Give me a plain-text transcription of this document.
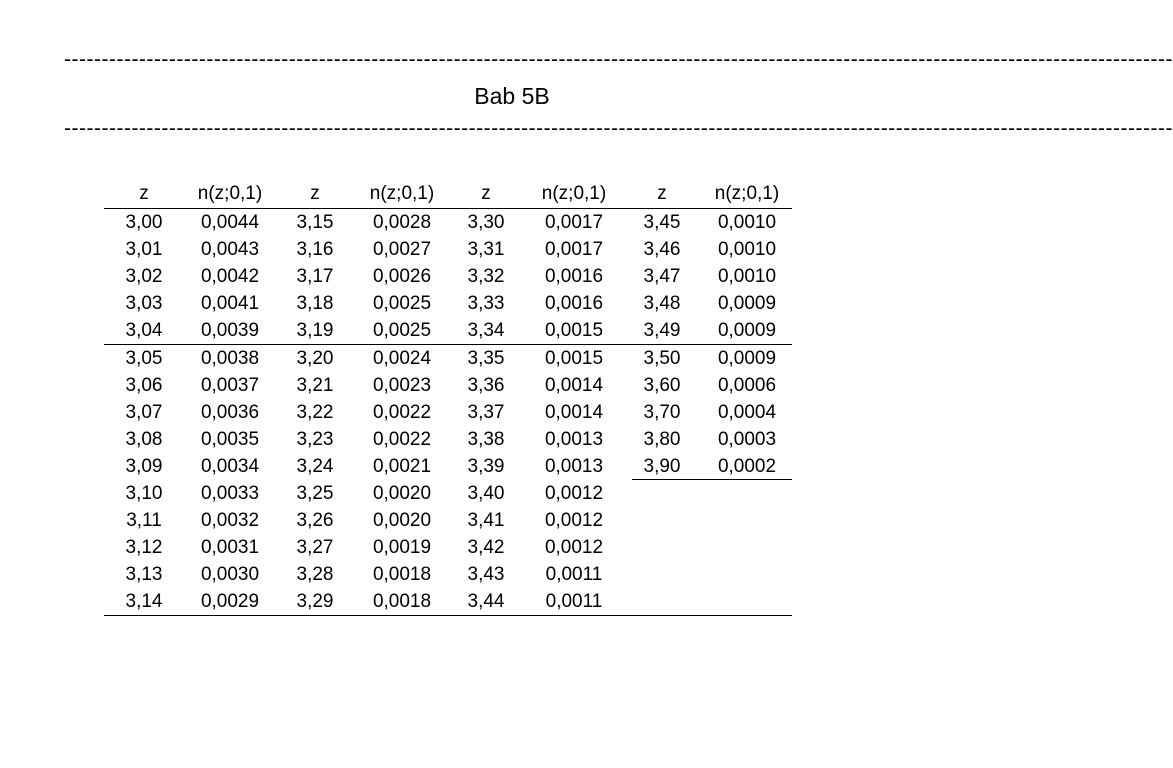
----------------------------------------------------------------------------------------------------------------------------------------------------
Bab 5B
----------------------------------------------------------------------------------------------------------------------------------------------------
z	n(z;0,1)	z	n(z;0,1)	z	n(z;0,1)	z	n(z;0,1)
3,00	0,0044	3,15	0,0028	3,30	0,0017	3,45	0,0010
3,01	0,0043	3,16	0,0027	3,31	0,0017	3,46	0,0010
3,02	0,0042	3,17	0,0026	3,32	0,0016	3,47	0,0010
3,03	0,0041	3,18	0,0025	3,33	0,0016	3,48	0,0009
3,04	0,0039	3,19	0,0025	3,34	0,0015	3,49	0,0009
3,05	0,0038	3,20	0,0024	3,35	0,0015	3,50	0,0009
3,06	0,0037	3,21	0,0023	3,36	0,0014	3,60	0,0006
3,07	0,0036	3,22	0,0022	3,37	0,0014	3,70	0,0004
3,08	0,0035	3,23	0,0022	3,38	0,0013	3,80	0,0003
3,09	0,0034	3,24	0,0021	3,39	0,0013	3,90	0,0002
3,10	0,0033	3,25	0,0020	3,40	0,0012
3,11	0,0032	3,26	0,0020	3,41	0,0012
3,12	0,0031	3,27	0,0019	3,42	0,0012
3,13	0,0030	3,28	0,0018	3,43	0,0011
3,14	0,0029	3,29	0,0018	3,44	0,0011
